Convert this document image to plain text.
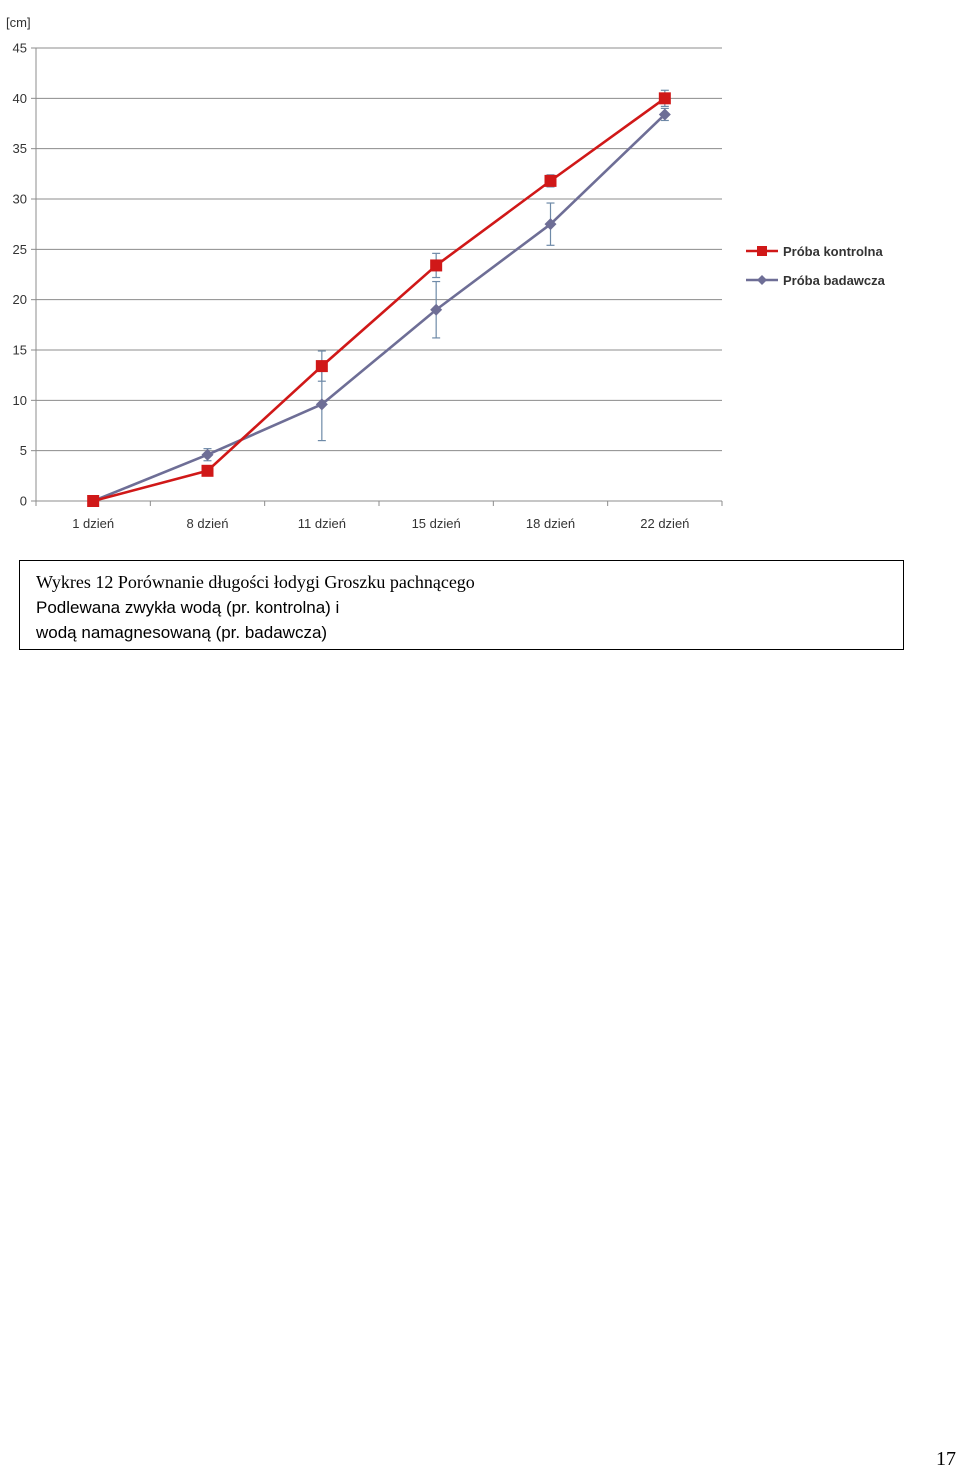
[cm]
0
5
10
15
20
25
30
35
40
45
1 dzień	8 dzień	11 dzień	15 dzień	18 dzień	22 dzień
Próba kontrolna
Próba badawcza
Wykres 12 Porównanie długości łodygi Groszku pachnącego
Podlewana zwykła wodą (pr. kontrolna) i
wodą namagnesowaną (pr. badawcza)
17
